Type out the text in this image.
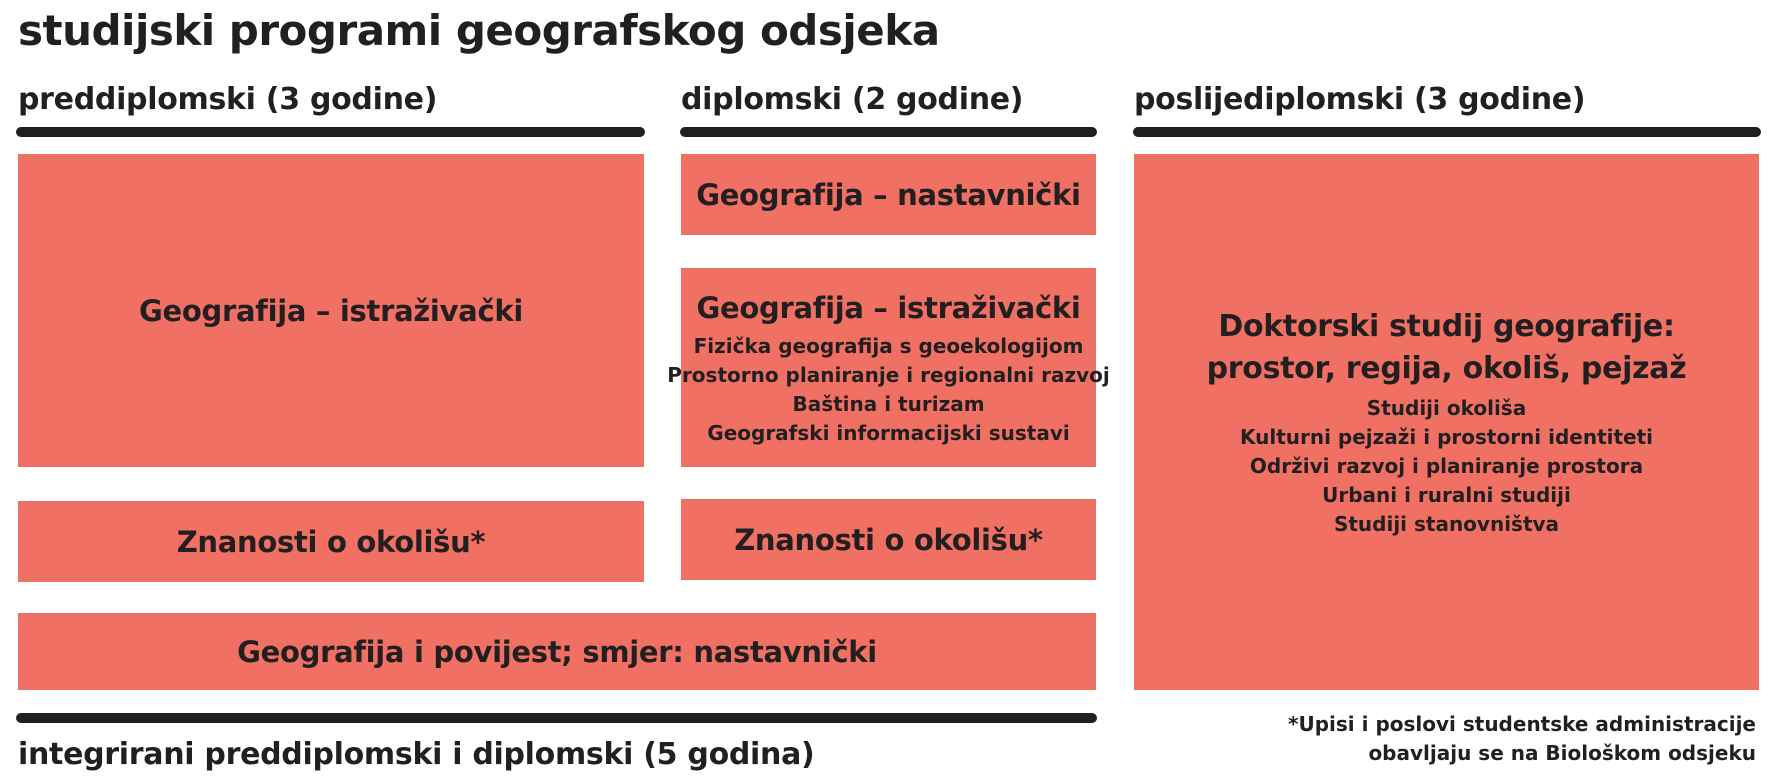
studijski programi geografskog odsjeka
preddiplomski (3 godine)	diplomski (2 godine)	poslijediplomski (3 godine)
Geografija – istraživački
Znanosti o okolišu*
Geografija – nastavnički
Geografija – istraživački
Fizička geografija s geoekologijom
Prostorno planiranje i regionalni razvoj
Baština i turizam
Geografski informacijski sustavi
Znanosti o okolišu*
Geografija i povijest; smjer: nastavnički
Doktorski studij geografije:
prostor, regija, okoliš, pejzaž
Studiji okoliša
Kulturni pejzaži i prostorni identiteti
Održivi razvoj i planiranje prostora
Urbani i ruralni studiji
Studiji stanovništva
integrirani preddiplomski i diplomski (5 godina)
*Upisi i poslovi studentske administracije
obavljaju se na Biološkom odsjeku
